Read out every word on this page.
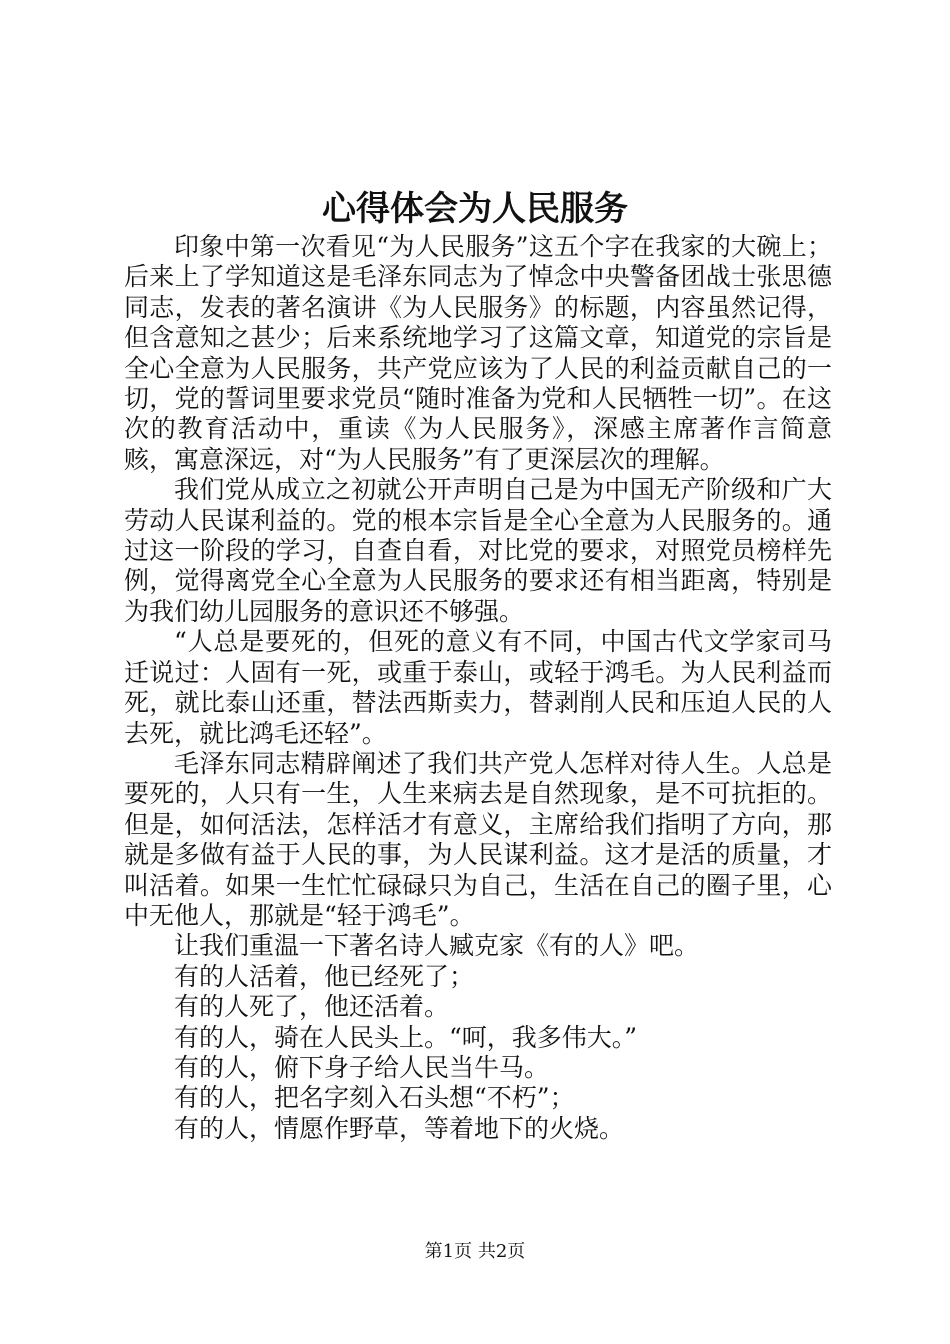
心得体会为人民服务

印象中第一次看见“为人民服务”这五个字在我家的大碗上；后来上了学知道这是毛泽东同志为了悼念中央警备团战士张思德同志，发表的著名演讲《为人民服务》的标题，内容虽然记得，但含意知之甚少；后来系统地学习了这篇文章，知道党的宗旨是全心全意为人民服务，共产党应该为了人民的利益贡献自己的一切，党的誓词里要求党员“随时准备为党和人民牺牲一切”。在这次的教育活动中，重读《为人民服务》，深感主席著作言简意赅，寓意深远，对“为人民服务”有了更深层次的理解。

我们党从成立之初就公开声明自己是为中国无产阶级和广大劳动人民谋利益的。党的根本宗旨是全心全意为人民服务的。通过这一阶段的学习，自查自看，对比党的要求，对照党员榜样先例，觉得离党全心全意为人民服务的要求还有相当距离，特别是为我们幼儿园服务的意识还不够强。

“人总是要死的，但死的意义有不同，中国古代文学家司马迁说过：人固有一死，或重于泰山，或轻于鸿毛。为人民利益而死，就比泰山还重，替法西斯卖力，替剥削人民和压迫人民的人去死，就比鸿毛还轻”。

毛泽东同志精辟阐述了我们共产党人怎样对待人生。人总是要死的，人只有一生，人生来病去是自然现象，是不可抗拒的。但是，如何活法，怎样活才有意义，主席给我们指明了方向，那就是多做有益于人民的事，为人民谋利益。这才是活的质量，才叫活着。如果一生忙忙碌碌只为自己，生活在自己的圈子里，心中无他人，那就是“轻于鸿毛”。

让我们重温一下著名诗人臧克家《有的人》吧。

有的人活着，他已经死了；

有的人死了，他还活着。

有的人，骑在人民头上。“呵，我多伟大。”

有的人，俯下身子给人民当牛马。

有的人，把名字刻入石头想“不朽”；

有的人，情愿作野草，等着地下的火烧。

第1页 共2页
